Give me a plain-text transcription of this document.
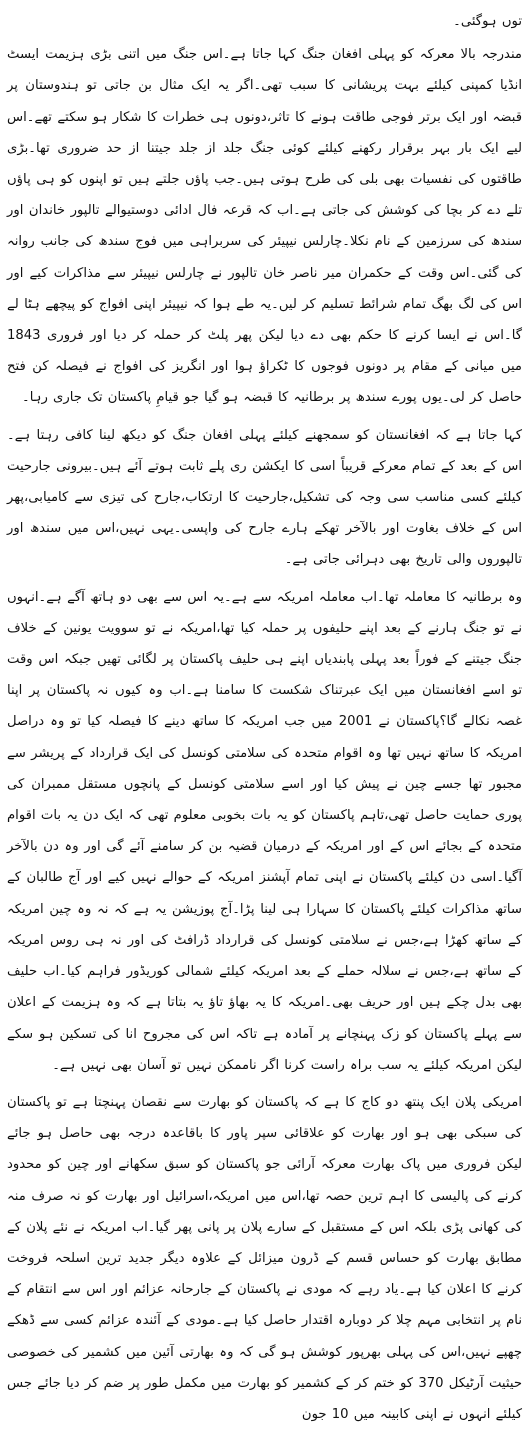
توں ہوگئی۔

مندرجہ بالا معرکہ کو پہلی افغان جنگ کہا جاتا ہے۔اس جنگ میں اتنی بڑی ہزیمت ایسٹ انڈیا کمپنی کیلئے بہت پریشانی کا سبب تھی۔اگر یہ ایک مثال بن جاتی تو ہندوستان پر قبضہ اور ایک برتر فوجی طاقت ہونے کا تاثر،دونوں ہی خطرات کا شکار ہو سکتے تھے۔اس لیے ایک بار بہر برقرار رکھنے کیلئے کوئی جنگ جلد از جلد جیتنا از حد ضروری تھا۔بڑی طاقتوں کی نفسیات بھی بلی کی طرح ہوتی ہیں۔جب پاؤں جلتے ہیں تو اپنوں کو ہی پاؤں تلے دے کر بچا کی کوشش کی جاتی ہے۔اب کہ قرعہ فال ادائی دوستیوالے تالپور خاندان اور سندھ کی سرزمین کے نام نکلا۔چارلس نیپیئر کی سربراہی میں فوج سندھ کی جانب روانہ کی گئی۔اس وقت کے حکمران میر ناصر خان تالپور نے چارلس نیپیئر سے مذاکرات کیے اور اس کی لگ بھگ تمام شرائط تسلیم کر لیں۔یہ طے ہوا کہ نیپیئر اپنی افواج کو پیچھے ہٹا لے گا۔اس نے ایسا کرنے کا حکم بھی دے دیا لیکن پھر پلٹ کر حملہ کر دیا اور فروری 1843 میں میانی کے مقام پر دونوں فوجوں کا ٹکراؤ ہوا اور انگریز کی افواج نے فیصلہ کن فتح حاصل کر لی۔یوں پورے سندھ پر برطانیہ کا قبضہ ہو گیا جو قیامِ پاکستان تک جاری رہا۔

کہا جاتا ہے کہ افغانستان کو سمجھنے کیلئے پہلی افغان جنگ کو دیکھ لینا کافی رہتا ہے۔اس کے بعد کے تمام معرکے قریباً اسی کا ایکشن ری پلے ثابت ہوتے آئے ہیں۔بیرونی جارحیت کیلئے کسی مناسب سی وجہ کی تشکیل،جارحیت کا ارتکاب،جارح کی تیزی سے کامیابی،پھر اس کے خلاف بغاوت اور بالآخر تھکے ہارے جارح کی واپسی۔یہی نہیں،اس میں سندھ اور تالپوروں والی تاریخ بھی دہرائی جاتی ہے۔

وہ برطانیہ کا معاملہ تھا۔اب معاملہ امریکہ سے ہے۔یہ اس سے بھی دو ہاتھ آگے ہے۔انہوں نے تو جنگ ہارنے کے بعد اپنے حلیفوں پر حملہ کیا تھا،امریکہ نے تو سوویت یونین کے خلاف جنگ جیتنے کے فوراً بعد پہلی پابندیاں اپنے ہی حلیف پاکستان پر لگائی تھیں جبکہ اس وقت تو اسے افغانستان میں ایک عبرتناک شکست کا سامنا ہے۔اب وہ کیوں نہ پاکستان پر اپنا غصہ نکالے گا؟پاکستان نے 2001 میں جب امریکہ کا ساتھ دینے کا فیصلہ کیا تو وہ دراصل امریکہ کا ساتھ نہیں تھا وہ اقوام متحدہ کی سلامتی کونسل کی ایک قرارداد کے پریشر سے مجبور تھا جسے چین نے پیش کیا اور اسے سلامتی کونسل کے پانچوں مستقل ممبران کی پوری حمایت حاصل تھی،تاہم پاکستان کو یہ بات بخوبی معلوم تھی کہ ایک دن یہ بات اقوام متحدہ کے بجائے اس کے اور امریکہ کے درمیان قضیہ بن کر سامنے آئے گی اور وہ دن بالآخر آگیا۔اسی دن کیلئے پاکستان نے اپنی تمام آپشنز امریکہ کے حوالے نہیں کیے اور آج طالبان کے ساتھ مذاکرات کیلئے پاکستان کا سہارا ہی لینا پڑا۔آج پوزیشن یہ ہے کہ نہ وہ چین امریکہ کے ساتھ کھڑا ہے،جس نے سلامتی کونسل کی قرارداد ڈرافٹ کی اور نہ ہی روس امریکہ کے ساتھ ہے،جس نے سلالہ حملے کے بعد امریکہ کیلئے شمالی کوریڈور فراہم کیا۔اب حلیف بھی بدل چکے ہیں اور حریف بھی۔امریکہ کا یہ بھاؤ تاؤ یہ بتاتا ہے کہ وہ ہزیمت کے اعلان سے پہلے پاکستان کو زک پہنچانے پر آمادہ ہے تاکہ اس کی مجروح انا کی تسکین ہو سکے لیکن امریکہ کیلئے یہ سب براہ راست کرنا اگر ناممکن نہیں تو آسان بھی نہیں ہے۔

امریکی پلان ایک پنتھ دو کاج کا ہے کہ پاکستان کو بھارت سے نقصان پہنچتا ہے تو پاکستان کی سبکی بھی ہو اور بھارت کو علاقائی سپر پاور کا باقاعدہ درجہ بھی حاصل ہو جائے لیکن فروری میں پاک بھارت معرکہ آرائی جو پاکستان کو سبق سکھانے اور چین کو محدود کرنے کی پالیسی کا اہم ترین حصہ تھا،اس میں امریکہ،اسرائیل اور بھارت کو نہ صرف منہ کی کھانی پڑی بلکہ اس کے مستقبل کے سارے پلان پر پانی پھر گیا۔اب امریکہ نے نئے پلان کے مطابق بھارت کو حساس قسم کے ڈرون میزائل کے علاوہ دیگر جدید ترین اسلحہ فروخت کرنے کا اعلان کیا ہے۔یاد رہے کہ مودی نے پاکستان کے جارحانہ عزائم اور اس سے انتقام کے نام پر انتخابی مہم چلا کر دوبارہ اقتدار حاصل کیا ہے۔مودی کے آئندہ عزائم کسی سے ڈھکے چھپے نہیں،اس کی پہلی بھرپور کوشش ہو گی کہ وہ بھارتی آئین میں کشمیر کی خصوصی حیثیت آرٹیکل 370 کو ختم کر کے کشمیر کو بھارت میں مکمل طور پر ضم کر دیا جائے جس کیلئے انہوں نے اپنی کابینہ میں 10 جون
